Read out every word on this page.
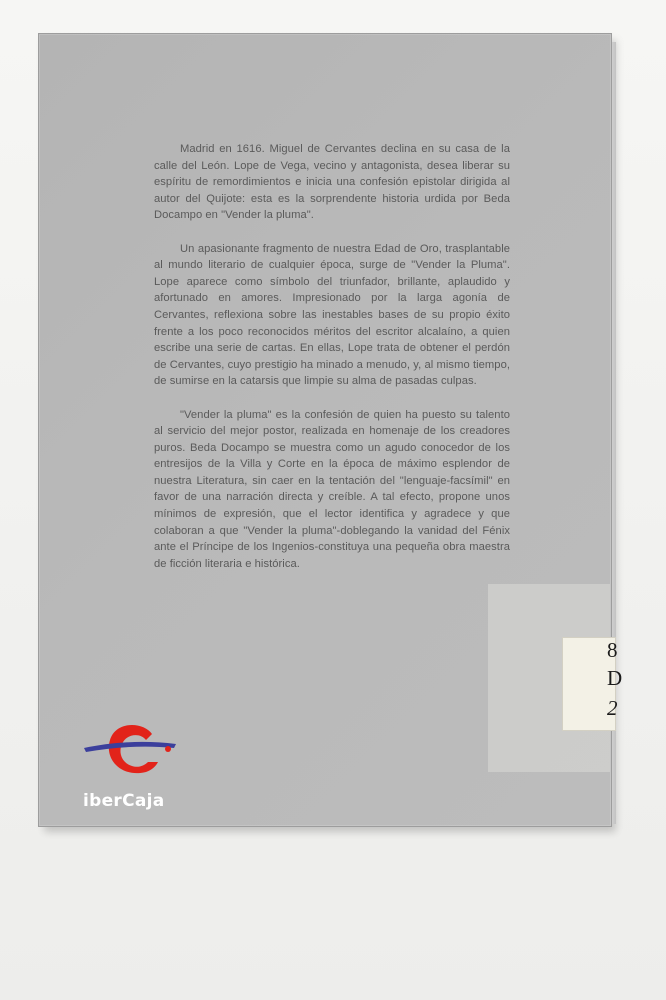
8
D
2

Madrid en 1616. Miguel de Cervantes declina en su casa de la calle del León. Lope de Vega, vecino y antagonista, desea liberar su espíritu de remordimientos e inicia una confesión epistolar dirigida al autor del Quijote: esta es la sorprendente historia urdida por Beda Docampo en "Vender la pluma".

Un apasionante fragmento de nuestra Edad de Oro, trasplantable al mundo literario de cualquier época, surge de "Vender la Pluma". Lope aparece como símbolo del triunfador, brillante, aplaudido y afortunado en amores. Impresionado por la larga agonía de Cervantes, reflexiona sobre las inestables bases de su propio éxito frente a los poco reconocidos méritos del escritor alcalaíno, a quien escribe una serie de cartas. En ellas, Lope trata de obtener el perdón de Cervantes, cuyo prestigio ha minado a menudo, y, al mismo tiempo, de sumirse en la catarsis que limpie su alma de pasadas culpas.

"Vender la pluma" es la confesión de quien ha puesto su talento al servicio del mejor postor, realizada en homenaje de los creadores puros. Beda Docampo se muestra como un agudo conocedor de los entresijos de la Villa y Corte en la época de máximo esplendor de nuestra Literatura, sin caer en la tentación del "lenguaje-facsímil" en favor de una narración directa y creíble. A tal efecto, propone unos mínimos de expresión, que el lector identifica y agradece y que colaboran a que "Vender la pluma"-doblegando la vanidad del Fénix ante el Príncipe de los Ingenios-constituya una pequeña obra maestra de ficción literaria e histórica.

iberCaja
